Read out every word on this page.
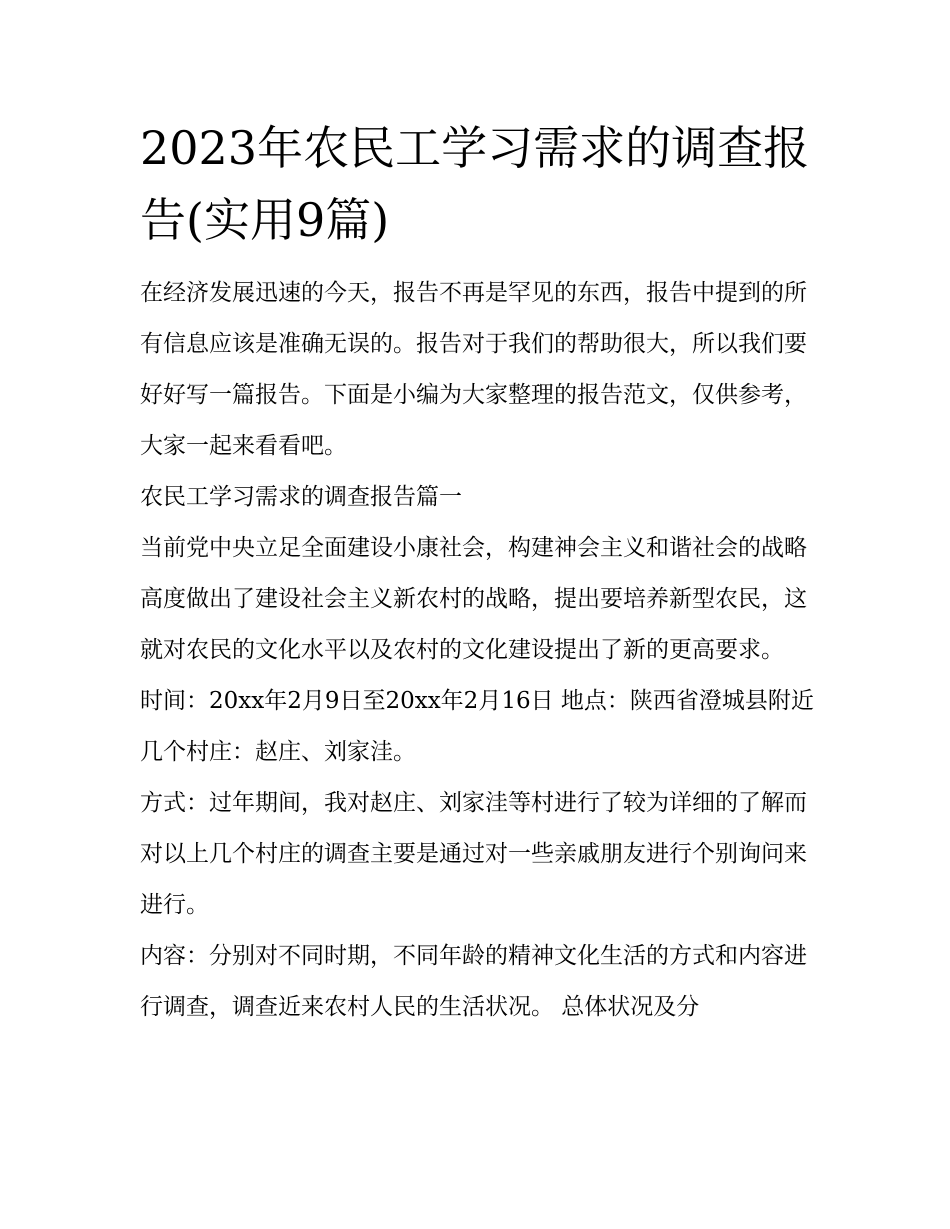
2023年农民工学习需求的调查报告(实用9篇)

在经济发展迅速的今天，报告不再是罕见的东西，报告中提到的所有信息应该是准确无误的。报告对于我们的帮助很大，所以我们要好好写一篇报告。下面是小编为大家整理的报告范文，仅供参考，大家一起来看看吧。

农民工学习需求的调查报告篇一

当前党中央立足全面建设小康社会，构建神会主义和谐社会的战略高度做出了建设社会主义新农村的战略，提出要培养新型农民，这就对农民的文化水平以及农村的文化建设提出了新的更高要求。

时间：20xx年2月9日至20xx年2月16日 地点：陕西省澄城县附近几个村庄：赵庄、刘家洼。

方式：过年期间，我对赵庄、刘家洼等村进行了较为详细的了解而对以上几个村庄的调查主要是通过对一些亲戚朋友进行个别询问来进行。

内容：分别对不同时期，不同年龄的精神文化生活的方式和内容进行调查，调查近来农村人民的生活状况。 总体状况及分
